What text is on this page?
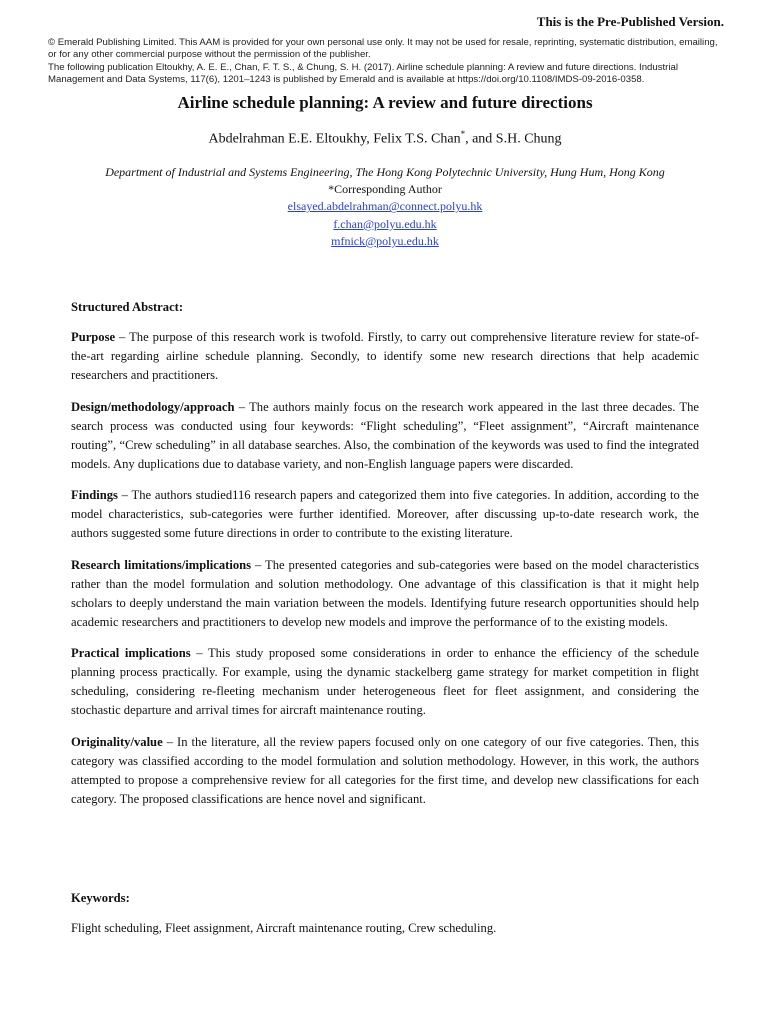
This is the Pre-Published Version.

© Emerald Publishing Limited. This AAM is provided for your own personal use only. It may not be used for resale, reprinting, systematic distribution, emailing, or for any other commercial purpose without the permission of the publisher.

The following publication Eltoukhy, A. E. E., Chan, F. T. S., & Chung, S. H. (2017). Airline schedule planning: A review and future directions. Industrial Management and Data Systems, 117(6), 1201–1243 is published by Emerald and is available at https://doi.org/10.1108/IMDS-09-2016-0358.

Airline schedule planning: A review and future directions
Abdelrahman E.E. Eltoukhy, Felix T.S. Chan*, and S.H. Chung
Department of Industrial and Systems Engineering, The Hong Kong Polytechnic University, Hung Hum, Hong Kong
*Corresponding Author
elsayed.abdelrahman@connect.polyu.hk
f.chan@polyu.edu.hk
mfnick@polyu.edu.hk
Structured Abstract:

Purpose – The purpose of this research work is twofold. Firstly, to carry out comprehensive literature review for state-of-the-art regarding airline schedule planning. Secondly, to identify some new research directions that help academic researchers and practitioners.

Design/methodology/approach – The authors mainly focus on the research work appeared in the last three decades. The search process was conducted using four keywords: “Flight scheduling”, “Fleet assignment”, “Aircraft maintenance routing”, “Crew scheduling” in all database searches. Also, the combination of the keywords was used to find the integrated models. Any duplications due to database variety, and non-English language papers were discarded.

Findings – The authors studied116 research papers and categorized them into five categories. In addition, according to the model characteristics, sub-categories were further identified. Moreover, after discussing up-to-date research work, the authors suggested some future directions in order to contribute to the existing literature.

Research limitations/implications – The presented categories and sub-categories were based on the model characteristics rather than the model formulation and solution methodology. One advantage of this classification is that it might help scholars to deeply understand the main variation between the models. Identifying future research opportunities should help academic researchers and practitioners to develop new models and improve the performance of to the existing models.

Practical implications – This study proposed some considerations in order to enhance the efficiency of the schedule planning process practically. For example, using the dynamic stackelberg game strategy for market competition in flight scheduling, considering re-fleeting mechanism under heterogeneous fleet for fleet assignment, and considering the stochastic departure and arrival times for aircraft maintenance routing.

Originality/value – In the literature, all the review papers focused only on one category of our five categories. Then, this category was classified according to the model formulation and solution methodology. However, in this work, the authors attempted to propose a comprehensive review for all categories for the first time, and develop new classifications for each category. The proposed classifications are hence novel and significant.

Keywords:
Flight scheduling, Fleet assignment, Aircraft maintenance routing, Crew scheduling.
